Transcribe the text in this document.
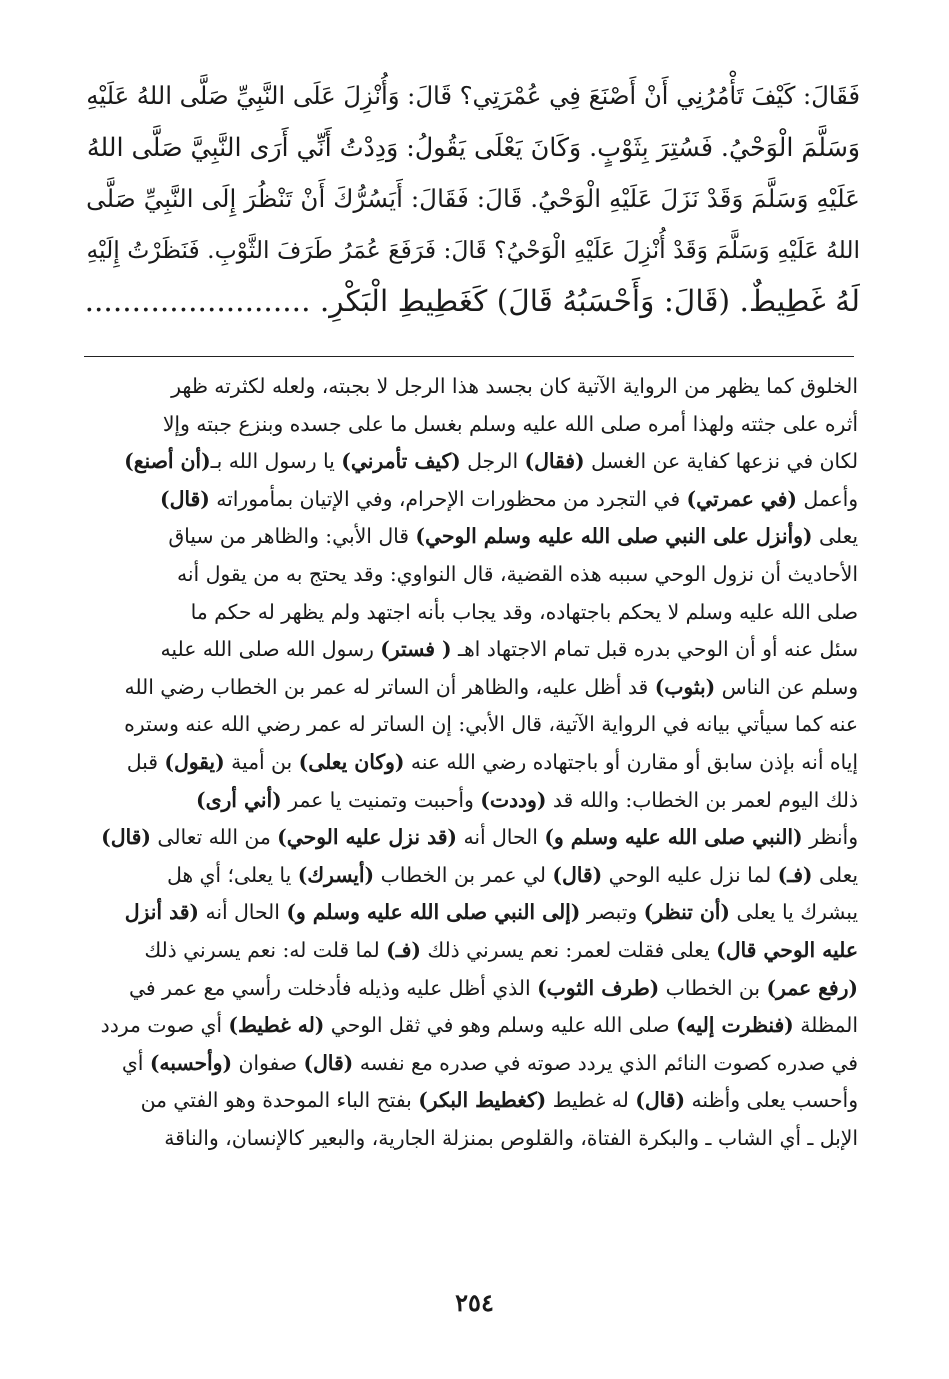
فَقَالَ: كَيْفَ تَأْمُرُنِي أَنْ أَصْنَعَ فِي عُمْرَتِي؟ قَالَ: وَأُنْزِلَ عَلَى النَّبِيِّ صَلَّى اللهُ عَلَيْهِ
وَسَلَّمَ الْوَحْيُ. فَسُتِرَ بِثَوْبٍ. وَكَانَ يَعْلَى يَقُولُ: وَدِدْتُ أَنِّي أَرَى النَّبِيَّ صَلَّى اللهُ
عَلَيْهِ وَسَلَّمَ وَقَدْ نَزَلَ عَلَيْهِ الْوَحْيُ. قَالَ: فَقَالَ: أَيَسُرُّكَ أَنْ تَنْظُرَ إِلَى النَّبِيِّ صَلَّى
اللهُ عَلَيْهِ وَسَلَّمَ وَقَدْ أُنْزِلَ عَلَيْهِ الْوَحْيُ؟ قَالَ: فَرَفَعَ عُمَرُ طَرَفَ الثَّوْبِ. فَنَظَرْتُ إِلَيْهِ
لَهُ غَطِيطٌ. (قَالَ: وَأَحْسَبُهُ قَالَ) كَغَطِيطِ الْبَكْرِ. ........................
الخلوق كما يظهر من الرواية الآتية كان بجسد هذا الرجل لا بجبته، ولعله لكثرته ظهر
أثره على جثته ولهذا أمره صلى الله عليه وسلم بغسل ما على جسده وبنزع جبته وإلا
لكان في نزعها كفاية عن الغسل (فقال) الرجل (كيف تأمرني) يا رسول الله بـ(أن أصنع)
وأعمل (في عمرتي) في التجرد من محظورات الإحرام، وفي الإتيان بمأموراته (قال)
يعلى (وأنزل على النبي صلى الله عليه وسلم الوحي) قال الأبي: والظاهر من سياق
الأحاديث أن نزول الوحي سببه هذه القضية، قال النواوي: وقد يحتج به من يقول أنه
صلى الله عليه وسلم لا يحكم باجتهاده، وقد يجاب بأنه اجتهد ولم يظهر له حكم ما
سئل عنه أو أن الوحي بدره قبل تمام الاجتهاد اهـ ( فستر) رسول الله صلى الله عليه
وسلم عن الناس (بثوب) قد أظل عليه، والظاهر أن الساتر له عمر بن الخطاب رضي الله
عنه كما سيأتي بيانه في الرواية الآتية، قال الأبي: إن الساتر له عمر رضي الله عنه وستره
إياه أنه بإذن سابق أو مقارن أو باجتهاده رضي الله عنه (وكان يعلى) بن أمية (يقول) قبل
ذلك اليوم لعمر بن الخطاب: والله قد (وددت) وأحببت وتمنيت يا عمر (أني أرى)
وأنظر (النبي صلى الله عليه وسلم و) الحال أنه (قد نزل عليه الوحي) من الله تعالى (قال)
يعلى (فـ) لما نزل عليه الوحي (قال) لي عمر بن الخطاب (أيسرك) يا يعلى؛ أي هل
يبشرك يا يعلى (أن تنظر) وتبصر (إلى النبي صلى الله عليه وسلم و) الحال أنه (قد أنزل
عليه الوحي قال) يعلى فقلت لعمر: نعم يسرني ذلك (فـ) لما قلت له: نعم يسرني ذلك
(رفع عمر) بن الخطاب (طرف الثوب) الذي أظل عليه وذيله فأدخلت رأسي مع عمر في
المظلة (فنظرت إليه) صلى الله عليه وسلم وهو في ثقل الوحي (له غطيط) أي صوت مردد
في صدره كصوت النائم الذي يردد صوته في صدره مع نفسه (قال) صفوان (وأحسبه) أي
وأحسب يعلى وأظنه (قال) له غطيط (كغطيط البكر) بفتح الباء الموحدة وهو الفتي من
الإبل ـ أي الشاب ـ والبكرة الفتاة، والقلوص بمنزلة الجارية، والبعير كالإنسان، والناقة
٢٥٤
